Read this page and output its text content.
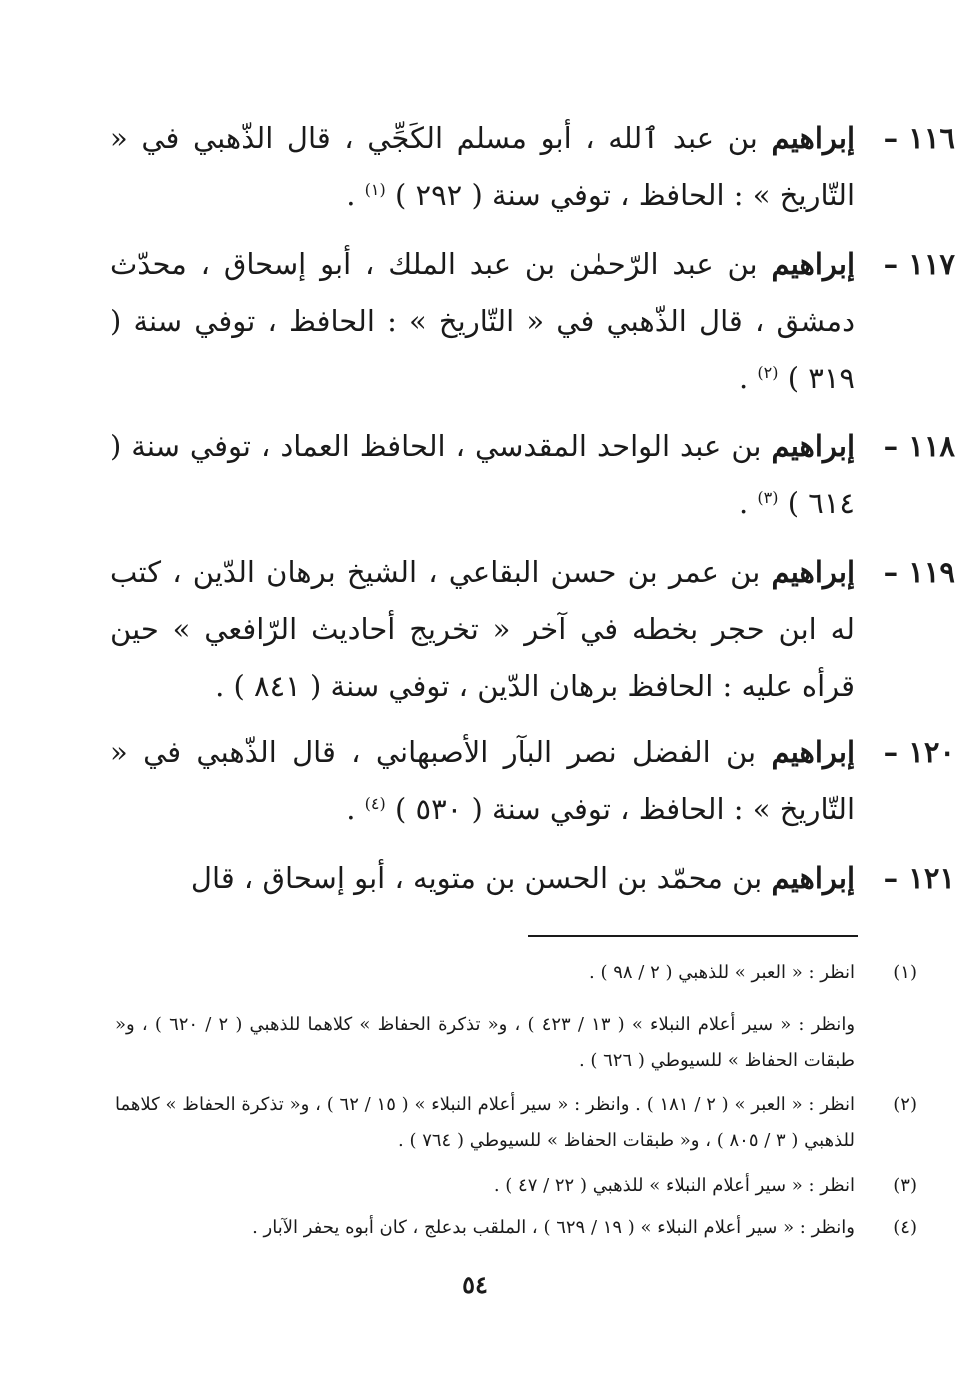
١١٦ –
إبراهيم بن عبد ٱلله ، أبو مسلم الكَجِّي ، قال الذّهبي في « التّاريخ » : الحافظ ، توفي سنة ( ٢٩٢ ) $^{(١)}$ .
١١٧ –
إبراهيم بن عبد الرّحمٰن بن عبد الملك ، أبو إسحاق ، محدّث دمشق ، قال الذّهبي في « التّاريخ » : الحافظ ، توفي سنة ( ٣١٩ ) $^{(٢)}$ .
١١٨ –
إبراهيم بن عبد الواحد المقدسي ، الحافظ العماد ، توفي سنة ( ٦١٤ ) $^{(٣)}$ .
١١٩ –
إبراهيم بن عمر بن حسن البقاعي ، الشيخ برهان الدّين ، كتب له ابن حجر بخطه في آخر « تخريج أحاديث الرّافعي » حين قرأه عليه : الحافظ برهان الدّين ، توفي سنة ( ٨٤١ ) .
١٢٠ –
إبراهيم بن الفضل نصر البآر الأصبهاني ، قال الذّهبي في « التّاريخ » : الحافظ ، توفي سنة ( ٥٣٠ ) $^{(٤)}$ .
١٢١ –
إبراهيم بن محمّد بن الحسن بن متويه ، أبو إسحاق ، قال
(١)
انظر : « العبر » للذهبي ( ٢ / ٩٨ ) .
وانظر : « سير أعلام النبلاء » ( ١٣ / ٤٢٣ ) ، و« تذكرة الحفاظ » كلاهما للذهبي ( ٢ / ٦٢٠ ) ، و« طبقات الحفاظ » للسيوطي ( ٦٢٦ ) .
(٢)
انظر : « العبر » ( ٢ / ١٨١ ) . وانظر : « سير أعلام النبلاء » ( ١٥ / ٦٢ ) ، و« تذكرة الحفاظ » كلاهما للذهبي ( ٣ / ٨٠٥ ) ، و« طبقات الحفاظ » للسيوطي ( ٧٦٤ ) .
(٣)
انظر : « سير أعلام النبلاء » للذهبي ( ٢٢ / ٤٧ ) .
(٤)
وانظر : « سير أعلام النبلاء » ( ١٩ / ٦٢٩ ) ، الملقب بدعلج ، كان أبوه يحفر الآبار .
٥٤
